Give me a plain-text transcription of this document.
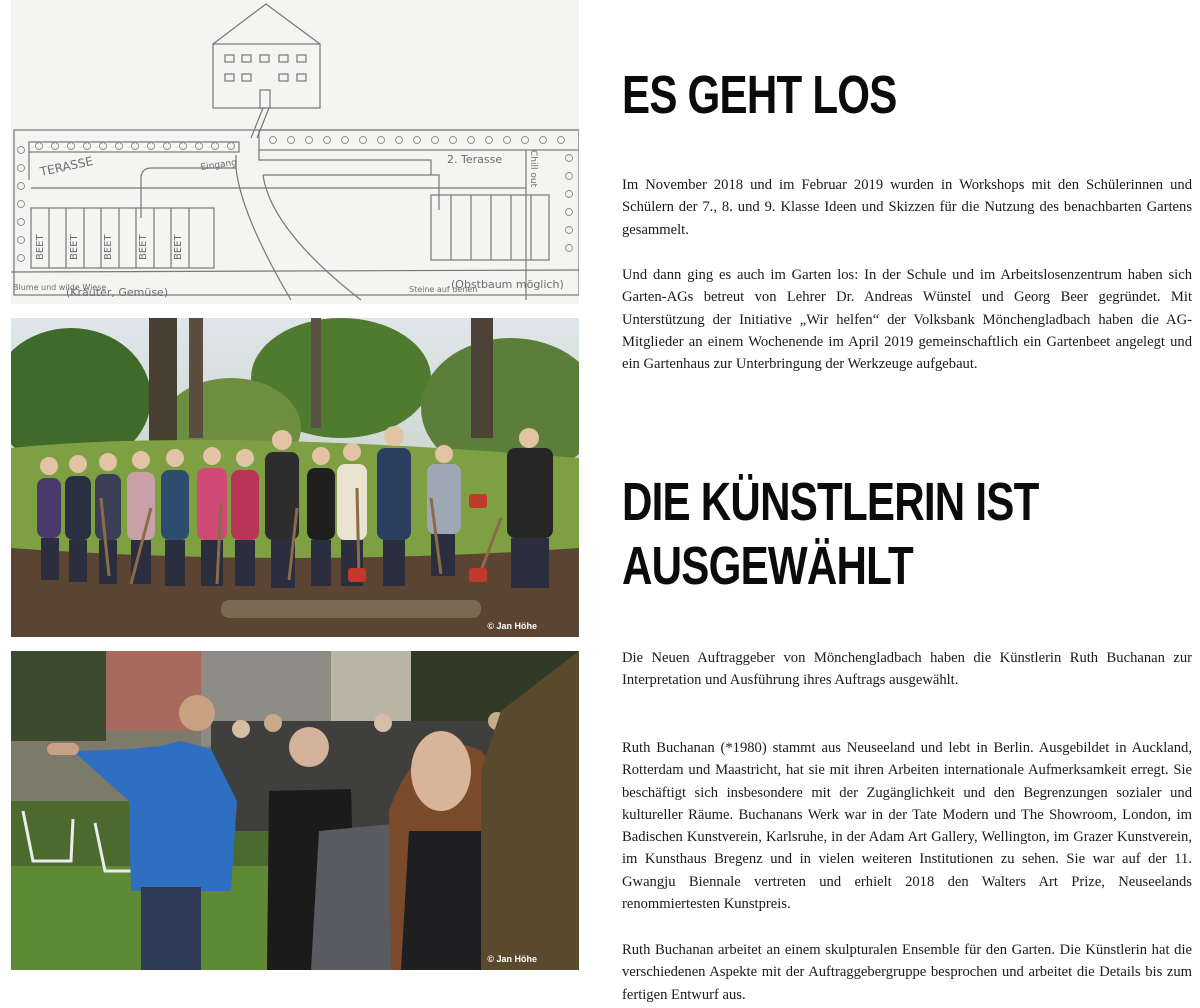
TERASSE	Eingang	2. Terasse	Chill out
BEET BEET BEET BEET BEET
Blume und wilde Wiese
(Kräuter, Gemüse)	Steine auf denen
(Obstbaum möglich)
© Jan Höhe
© Jan Höhe
ES GEHT LOS

Im November 2018 und im Februar 2019 wurden in Workshops mit den Schülerinnen und Schülern der 7., 8. und 9. Klasse Ideen und Skizzen für die Nutzung des benachbarten Gartens gesammelt.

Und dann ging es auch im Garten los: In der Schule und im Arbeitslosenzentrum haben sich Garten-AGs betreut von Lehrer Dr. Andreas Wünstel und Georg Beer gegründet. Mit Unterstützung der Initiative „Wir helfen“ der Volksbank Mönchengladbach haben die AG-Mitglieder an einem Wochenende im April 2019 gemeinschaftlich ein Gartenbeet angelegt und ein Gartenhaus zur Unterbringung der Werkzeuge aufgebaut.

DIE KÜNSTLERIN IST
AUSGEWÄHLT

Die Neuen Auftraggeber von Mönchengladbach haben die Künstlerin Ruth Buchanan zur Interpretation und Ausführung ihres Auftrags ausgewählt.

Ruth Buchanan (*1980) stammt aus Neuseeland und lebt in Berlin. Ausgebildet in Auckland, Rotterdam und Maastricht, hat sie mit ihren Arbeiten internationale Aufmerksamkeit erregt. Sie beschäftigt sich insbesondere mit der Zugänglichkeit und den Begrenzungen sozialer und kultureller Räume. Buchanans Werk war in der Tate Modern und The Showroom, London, im Badischen Kunstverein, Karlsruhe, in der Adam Art Gallery, Wellington, im Grazer Kunstverein, im Kunsthaus Bregenz und in vielen weiteren Institutionen zu sehen. Sie war auf der 11. Gwangju Biennale vertreten und erhielt 2018 den Walters Art Prize, Neuseelands renommiertesten Kunstpreis.

Ruth Buchanan arbeitet an einem skulpturalen Ensemble für den Garten. Die Künstlerin hat die verschiedenen Aspekte mit der Auftraggebergruppe besprochen und arbeitet die Details bis zum fertigen Entwurf aus.
